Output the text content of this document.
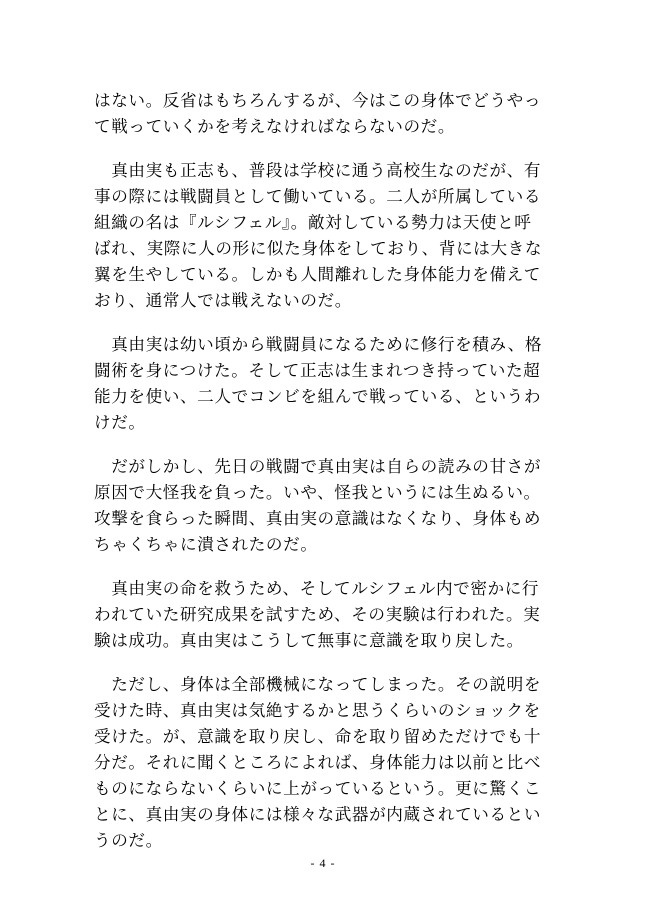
はない。反省はもちろんするが、今はこの身体でどうやっ
て戦っていくかを考えなければならないのだ。
　真由実も正志も、普段は学校に通う高校生なのだが、有
事の際には戦闘員として働いている。二人が所属している
組織の名は『ルシフェル』。敵対している勢力は天使と呼
ばれ、実際に人の形に似た身体をしており、背には大きな
翼を生やしている。しかも人間離れした身体能力を備えて
おり、通常人では戦えないのだ。
　真由実は幼い頃から戦闘員になるために修行を積み、格
闘術を身につけた。そして正志は生まれつき持っていた超
能力を使い、二人でコンビを組んで戦っている、というわ
けだ。
　だがしかし、先日の戦闘で真由実は自らの読みの甘さが
原因で大怪我を負った。いや、怪我というには生ぬるい。
攻撃を食らった瞬間、真由実の意識はなくなり、身体もめ
ちゃくちゃに潰されたのだ。
　真由実の命を救うため、そしてルシフェル内で密かに行
われていた研究成果を試すため、その実験は行われた。実
験は成功。真由実はこうして無事に意識を取り戻した。
　ただし、身体は全部機械になってしまった。その説明を
受けた時、真由実は気絶するかと思うくらいのショックを
受けた。が、意識を取り戻し、命を取り留めただけでも十
分だ。それに聞くところによれば、身体能力は以前と比べ
ものにならないくらいに上がっているという。更に驚くこ
とに、真由実の身体には様々な武器が内蔵されているとい
うのだ。
- 4 -
